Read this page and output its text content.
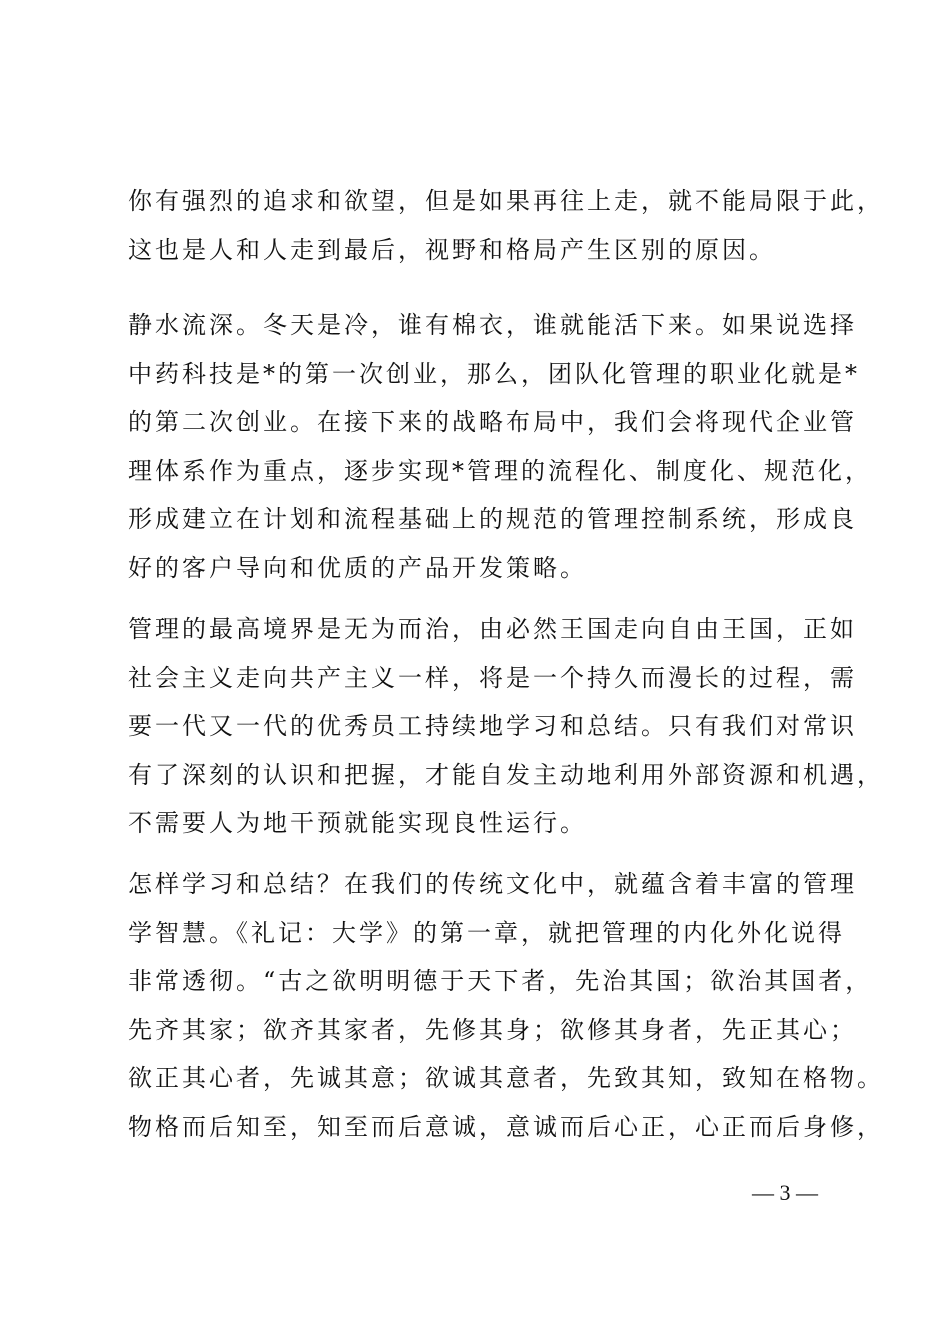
你有强烈的追求和欲望，但是如果再往上走，就不能局限于此，
这也是人和人走到最后，视野和格局产生区别的原因。
静水流深。冬天是冷，谁有棉衣，谁就能活下来。如果说选择
中药科技是*的第一次创业，那么，团队化管理的职业化就是*
的第二次创业。在接下来的战略布局中，我们会将现代企业管
理体系作为重点，逐步实现*管理的流程化、制度化、规范化，
形成建立在计划和流程基础上的规范的管理控制系统，形成良
好的客户导向和优质的产品开发策略。
管理的最高境界是无为而治，由必然王国走向自由王国，正如
社会主义走向共产主义一样，将是一个持久而漫长的过程，需
要一代又一代的优秀员工持续地学习和总结。只有我们对常识
有了深刻的认识和把握，才能自发主动地利用外部资源和机遇，
不需要人为地干预就能实现良性运行。
怎样学习和总结？在我们的传统文化中，就蕴含着丰富的管理
学智慧。《礼记：大学》的第一章，就把管理的内化外化说得
非常透彻。“古之欲明明德于天下者，先治其国；欲治其国者，
先齐其家；欲齐其家者，先修其身；欲修其身者，先正其心；
欲正其心者，先诚其意；欲诚其意者，先致其知，致知在格物。
物格而后知至，知至而后意诚，意诚而后心正，心正而后身修，
— 3 —
